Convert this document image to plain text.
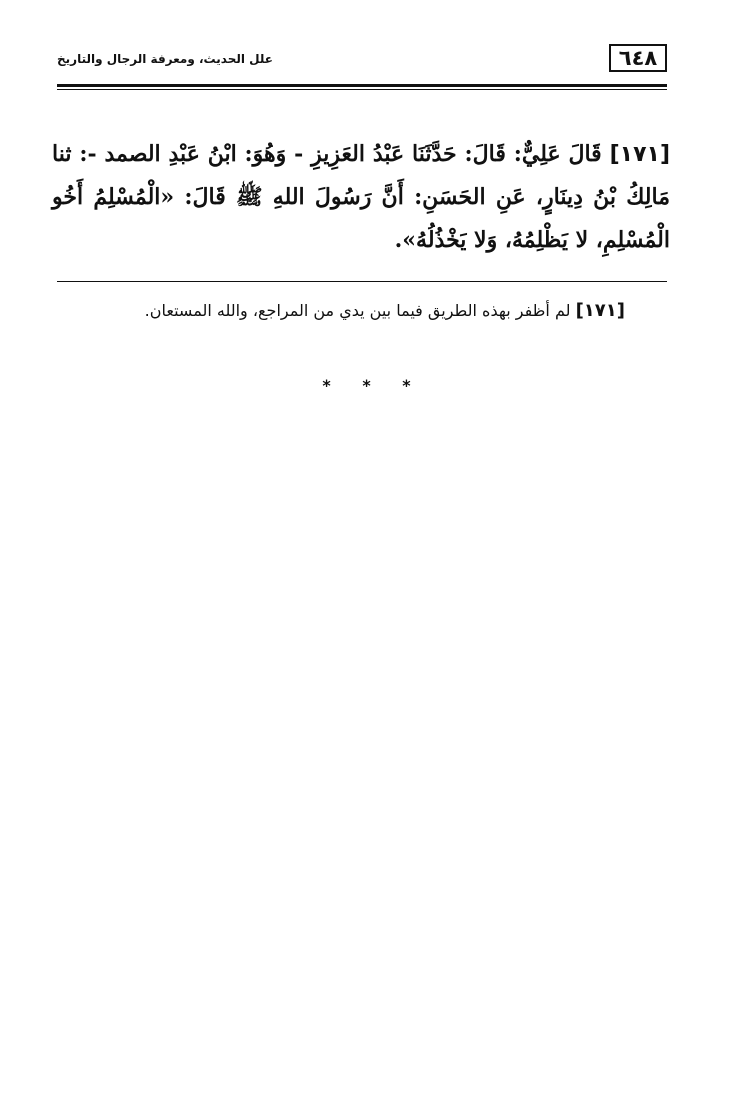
٦٤٨
علل الحديث، ومعرفة الرجال والتاريخ
[١٧١] قَالَ عَلِيٌّ: قَالَ: حَدَّثَنَا عَبْدُ العَزِيزِ - وَهُوَ: ابْنُ عَبْدِ الصمد -: ثنا مَالِكُ بْنُ دِينَارٍ، عَنِ الحَسَنِ: أَنَّ رَسُولَ اللهِ ﷺ قَالَ: «الْمُسْلِمُ أَخُو الْمُسْلِمِ، لا يَظْلِمُهُ، وَلا يَخْذُلُهُ».
[١٧١] لم أظفر بهذه الطريق فيما بين يدي من المراجع، والله المستعان.
* * *
